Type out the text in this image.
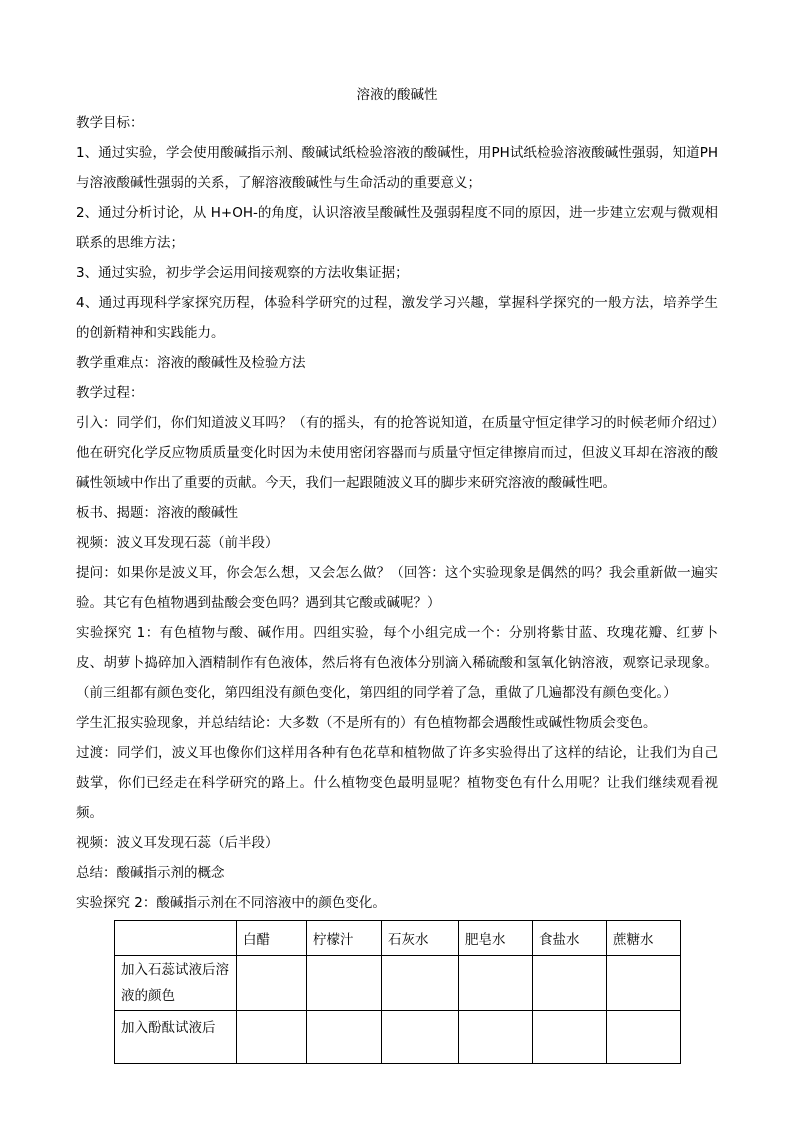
溶液的酸碱性

教学目标：

1、通过实验，学会使用酸碱指示剂、酸碱试纸检验溶液的酸碱性，用PH试纸检验溶液酸碱性强弱，知道PH与溶液酸碱性强弱的关系，了解溶液酸碱性与生命活动的重要意义；

2、通过分析讨论，从 H+OH-的角度，认识溶液呈酸碱性及强弱程度不同的原因，进一步建立宏观与微观相联系的思维方法；

3、通过实验，初步学会运用间接观察的方法收集证据；

4、通过再现科学家探究历程，体验科学研究的过程，激发学习兴趣，掌握科学探究的一般方法，培养学生的创新精神和实践能力。

教学重难点：溶液的酸碱性及检验方法

教学过程：

引入：同学们，你们知道波义耳吗？（有的摇头，有的抢答说知道，在质量守恒定律学习的时候老师介绍过）他在研究化学反应物质质量变化时因为未使用密闭容器而与质量守恒定律擦肩而过，但波义耳却在溶液的酸碱性领域中作出了重要的贡献。今天，我们一起跟随波义耳的脚步来研究溶液的酸碱性吧。

板书、揭题：溶液的酸碱性

视频：波义耳发现石蕊（前半段）

提问：如果你是波义耳，你会怎么想，又会怎么做？（回答：这个实验现象是偶然的吗？我会重新做一遍实验。其它有色植物遇到盐酸会变色吗？遇到其它酸或碱呢？）

实验探究 1：有色植物与酸、碱作用。四组实验，每个小组完成一个：分别将紫甘蓝、玫瑰花瓣、红萝卜皮、胡萝卜捣碎加入酒精制作有色液体，然后将有色液体分别滴入稀硫酸和氢氧化钠溶液，观察记录现象。（前三组都有颜色变化，第四组没有颜色变化，第四组的同学着了急，重做了几遍都没有颜色变化。）

学生汇报实验现象，并总结结论：大多数（不是所有的）有色植物都会遇酸性或碱性物质会变色。

过渡：同学们，波义耳也像你们这样用各种有色花草和植物做了许多实验得出了这样的结论，让我们为自己鼓掌，你们已经走在科学研究的路上。什么植物变色最明显呢？植物变色有什么用呢？让我们继续观看视频。

视频：波义耳发现石蕊（后半段）

总结：酸碱指示剂的概念

实验探究 2：酸碱指示剂在不同溶液中的颜色变化。

	白醋	柠檬汁	石灰水	肥皂水	食盐水	蔗糖水
加入石蕊试液后溶液的颜色						
加入酚酞试液后						
